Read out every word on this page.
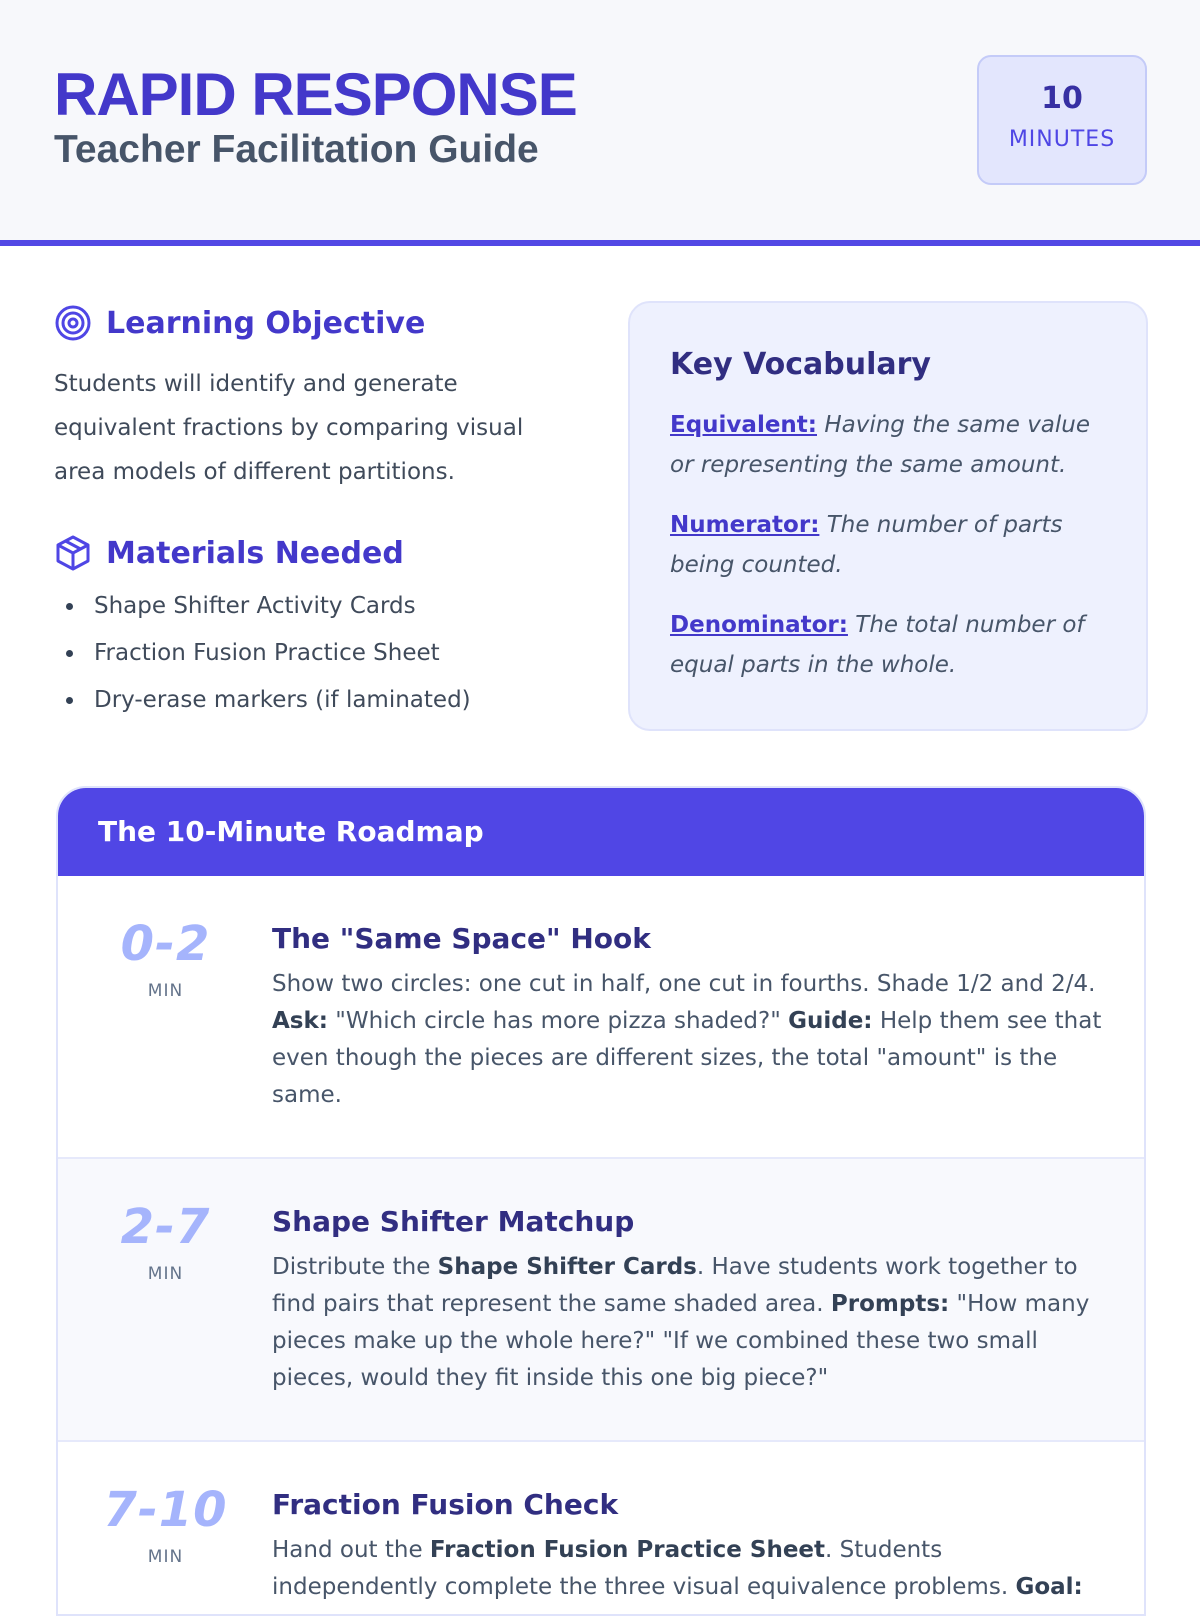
RAPID RESPONSE
Teacher Facilitation Guide
10
MINUTES
Learning Objective
Students will identify and generate equivalent fractions by comparing visual area models of different partitions.
Materials Needed
Shape Shifter Activity Cards
Fraction Fusion Practice Sheet
Dry-erase markers (if laminated)
Key Vocabulary
Equivalent: Having the same value or representing the same amount.
Numerator: The number of parts being counted.
Denominator: The total number of equal parts in the whole.
The 10-Minute Roadmap
0-2
MIN
The "Same Space" Hook
Show two circles: one cut in half, one cut in fourths. Shade 1/2 and 2/4. Ask: "Which circle has more pizza shaded?" Guide: Help them see that even though the pieces are different sizes, the total "amount" is the same.
2-7
MIN
Shape Shifter Matchup
Distribute the Shape Shifter Cards. Have students work together to find pairs that represent the same shaded area. Prompts: "How many pieces make up the whole here?" "If we combined these two small pieces, would they fit inside this one big piece?"
7-10
MIN
Fraction Fusion Check
Hand out the Fraction Fusion Practice Sheet. Students independently complete the three visual equivalence problems. Goal:
